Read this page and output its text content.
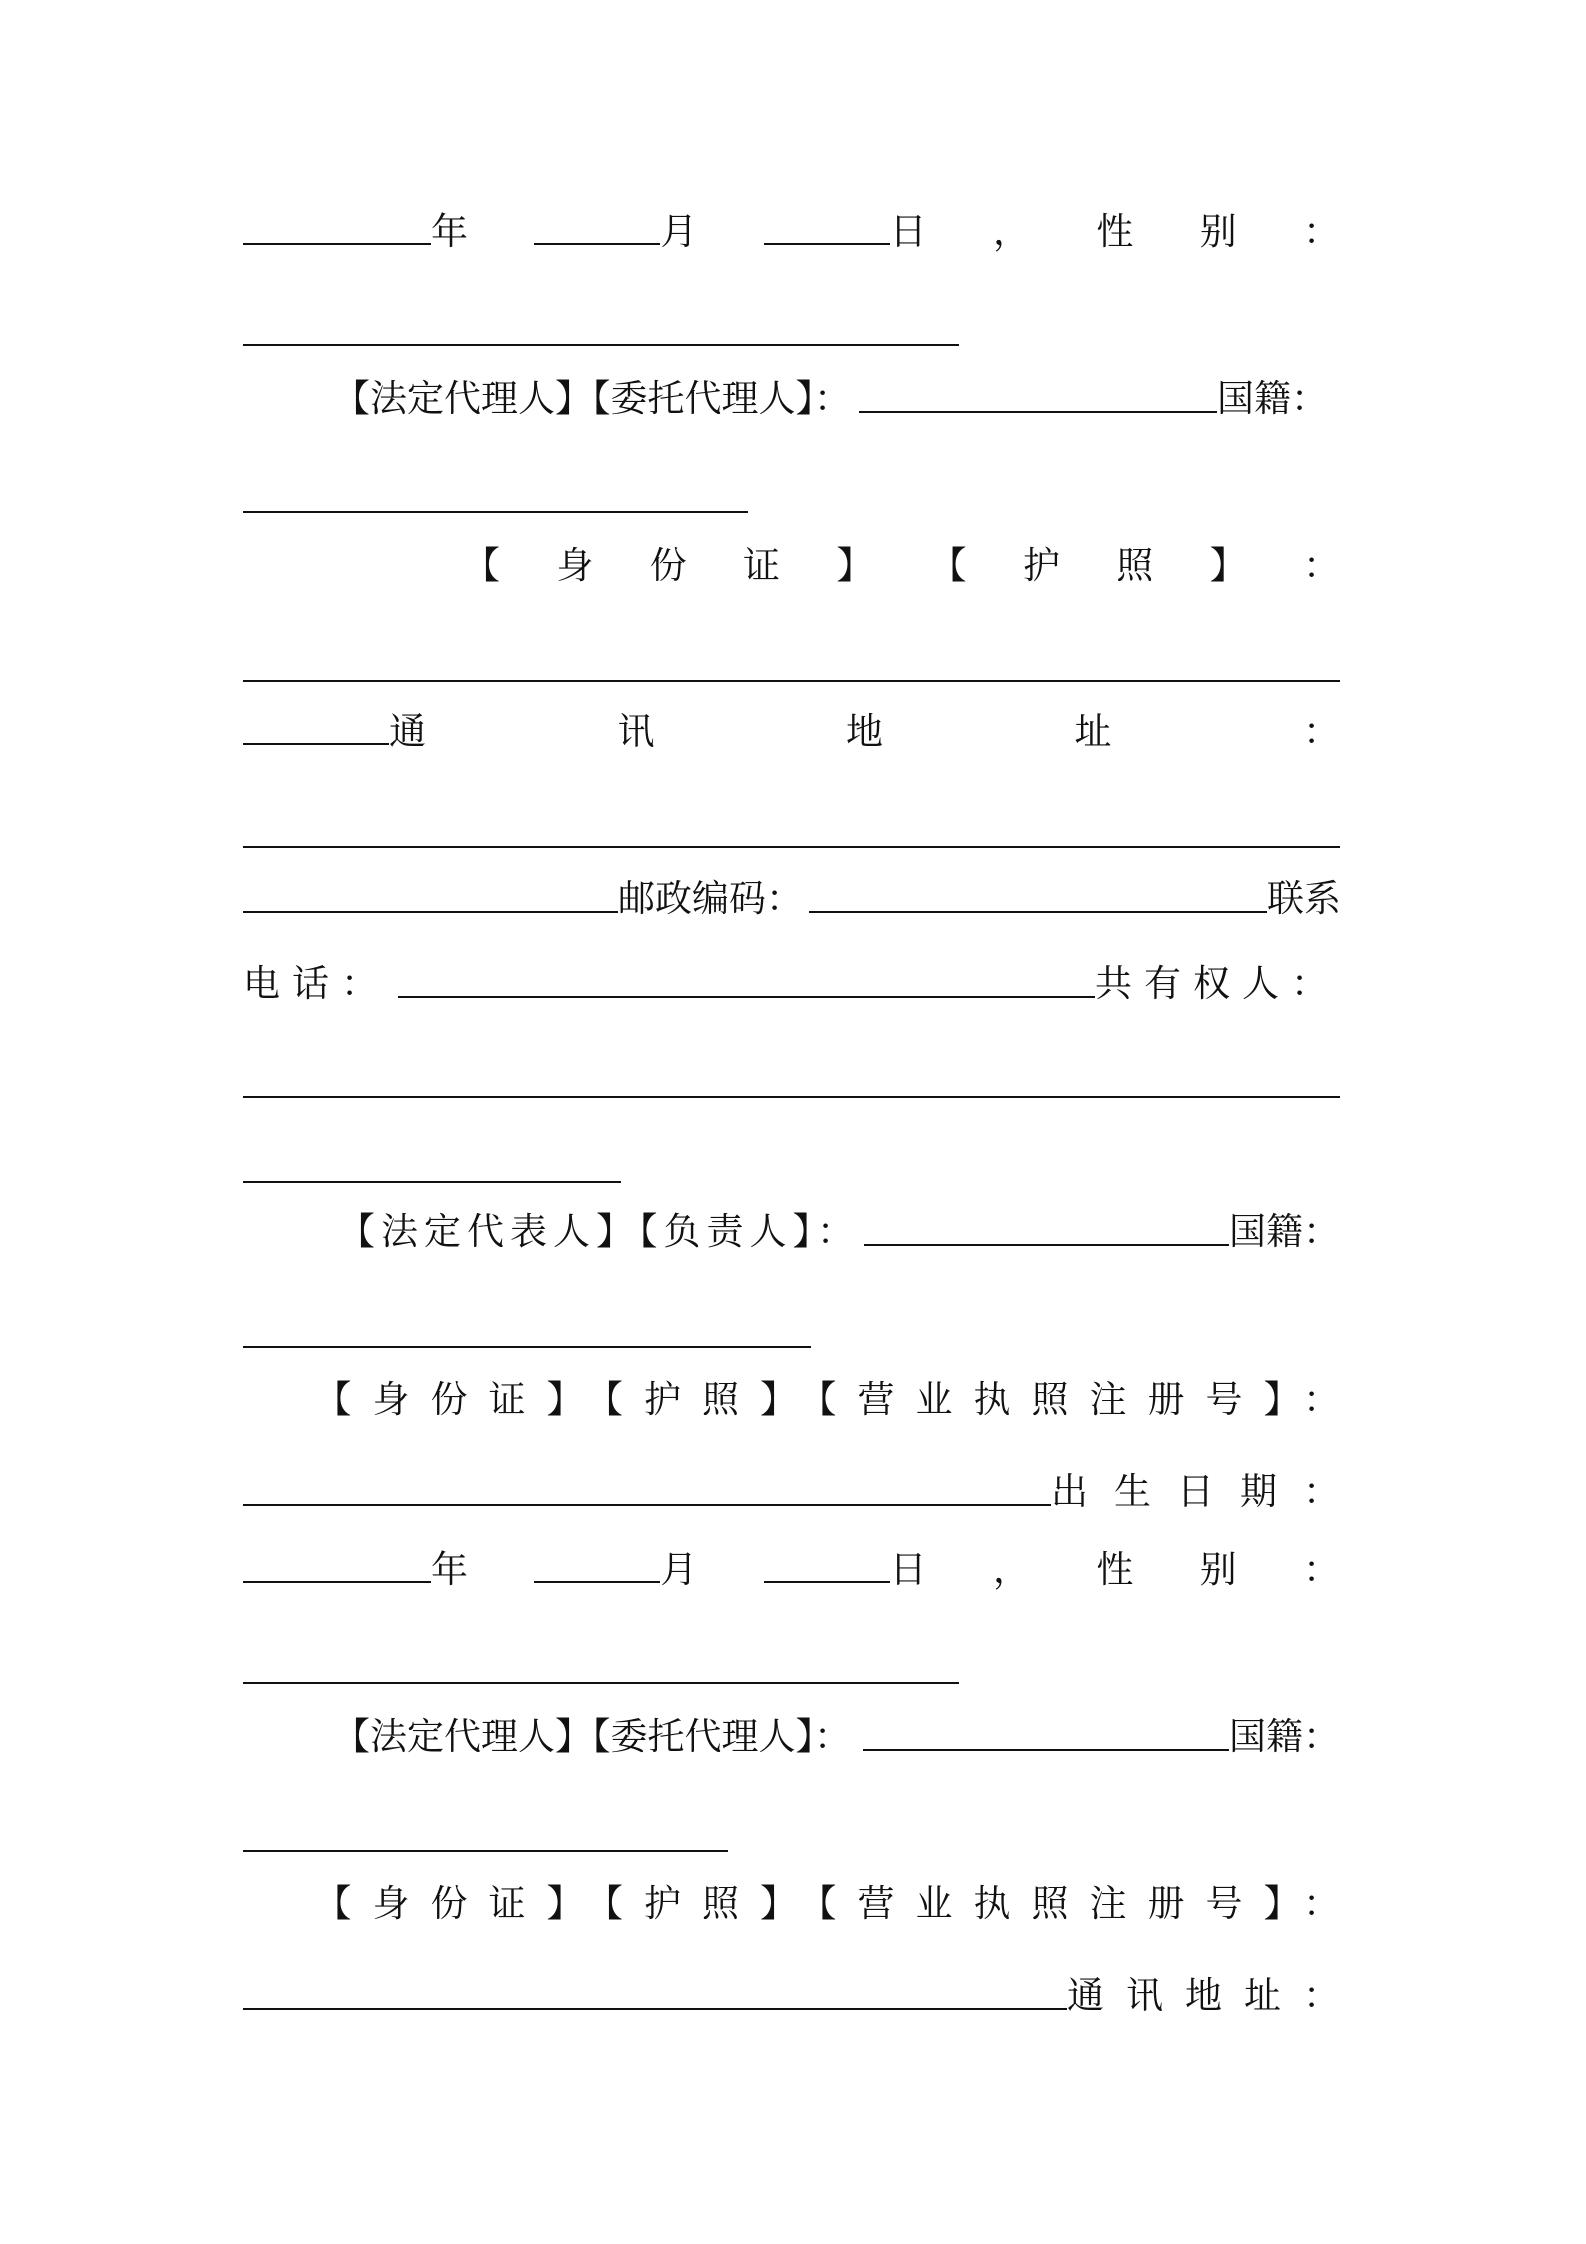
年	月	日 ， 性 别 ：
【法定代理人】【委托代理人】：	国籍：
【 身 份 证 】 【 护 照 】 ：
通	讯	地	址	：
邮政编码：	联系
电话：	共有权人：
【法定代表人】【负责人】：	国籍：
【身份证】【护照】【营业执照注册号】：
出生日期：
年	月	日 ， 性 别 ：
【法定代理人】【委托代理人】：	国籍：
【身份证】【护照】【营业执照注册号】：
通讯地址：
